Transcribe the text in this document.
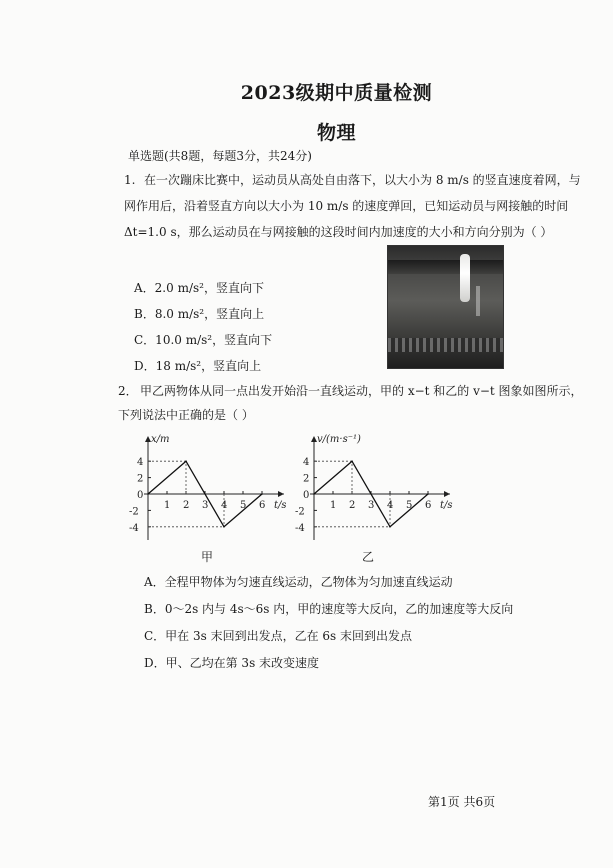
2023级期中质量检测
物理
单选题(共8题，每题3分，共24分)
1. 在一次蹦床比赛中，运动员从高处自由落下，以大小为 8 m/s 的竖直速度着网，与
网作用后，沿着竖直方向以大小为 10 m/s 的速度弹回，已知运动员与网接触的时间
Δt=1.0 s，那么运动员在与网接触的这段时间内加速度的大小和方向分别为（ ）
A．2.0 m/s²，竖直向下
B．8.0 m/s²，竖直向上
C．10.0 m/s²，竖直向下
D．18 m/s²，竖直向上
2． 甲乙两物体从同一点出发开始沿一直线运动，甲的 x−t 和乙的 v−t 图象如图所示，
下列说法中正确的是（ ）
x/m
t/s
4
2
0
-2
-4
1 2 3 4 5 6
甲
v/(m·s⁻¹)
t/s
4
2
0
-2
-4
1 2 3 4 5 6
乙
A．全程甲物体为匀速直线运动，乙物体为匀加速直线运动
B．0～2s 内与 4s～6s 内，甲的速度等大反向，乙的加速度等大反向
C．甲在 3s 末回到出发点，乙在 6s 末回到出发点
D．甲、乙均在第 3s 末改变速度
第1页 共6页
